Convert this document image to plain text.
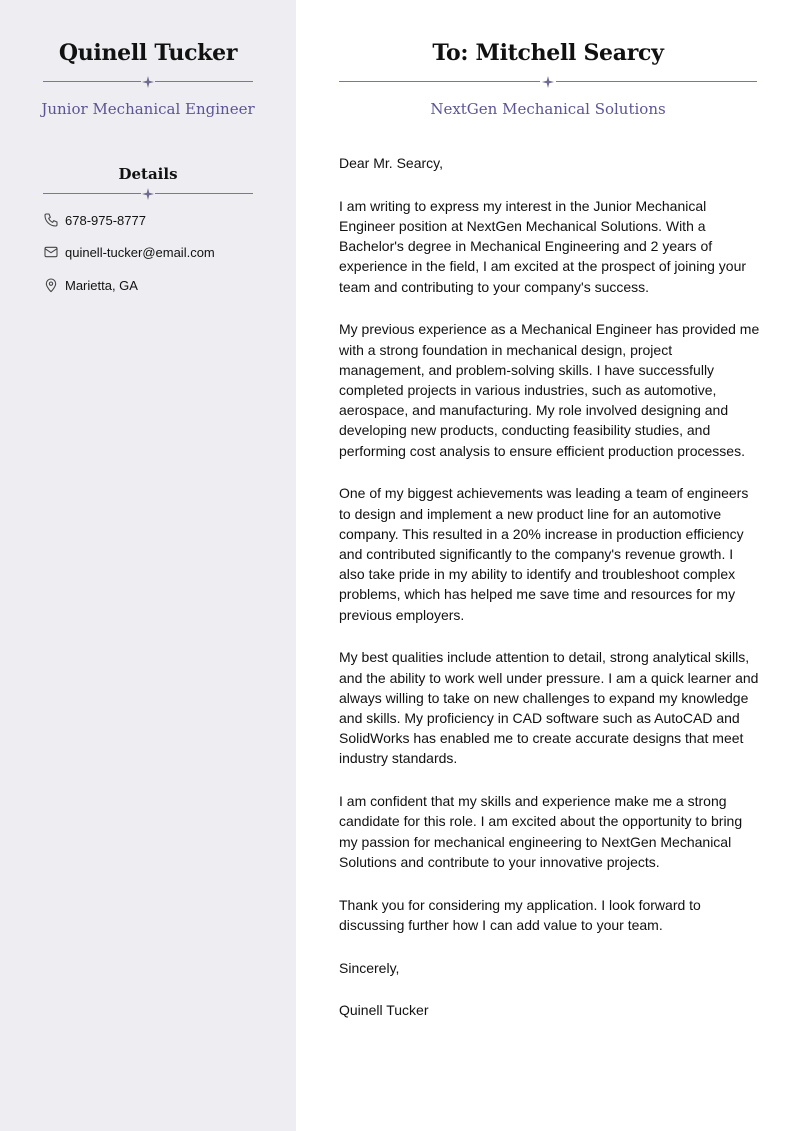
Quinell Tucker
Junior Mechanical Engineer
Details
678-975-8777
quinell-tucker@email.com
Marietta, GA
To: Mitchell Searcy
NextGen Mechanical Solutions

Dear Mr. Searcy,

I am writing to express my interest in the Junior Mechanical Engineer position at NextGen Mechanical Solutions. With a Bachelor's degree in Mechanical Engineering and 2 years of experience in the field, I am excited at the prospect of joining your team and contributing to your company's success.

My previous experience as a Mechanical Engineer has provided me with a strong foundation in mechanical design, project management, and problem-solving skills. I have successfully completed projects in various industries, such as automotive, aerospace, and manufacturing. My role involved designing and developing new products, conducting feasibility studies, and performing cost analysis to ensure efficient production processes.

One of my biggest achievements was leading a team of engineers to design and implement a new product line for an automotive company. This resulted in a 20% increase in production efficiency and contributed significantly to the company's revenue growth. I also take pride in my ability to identify and troubleshoot complex problems, which has helped me save time and resources for my previous employers.

My best qualities include attention to detail, strong analytical skills, and the ability to work well under pressure. I am a quick learner and always willing to take on new challenges to expand my knowledge and skills. My proficiency in CAD software such as AutoCAD and SolidWorks has enabled me to create accurate designs that meet industry standards.

I am confident that my skills and experience make me a strong candidate for this role. I am excited about the opportunity to bring my passion for mechanical engineering to NextGen Mechanical Solutions and contribute to your innovative projects.

Thank you for considering my application. I look forward to discussing further how I can add value to your team.

Sincerely,

Quinell Tucker
